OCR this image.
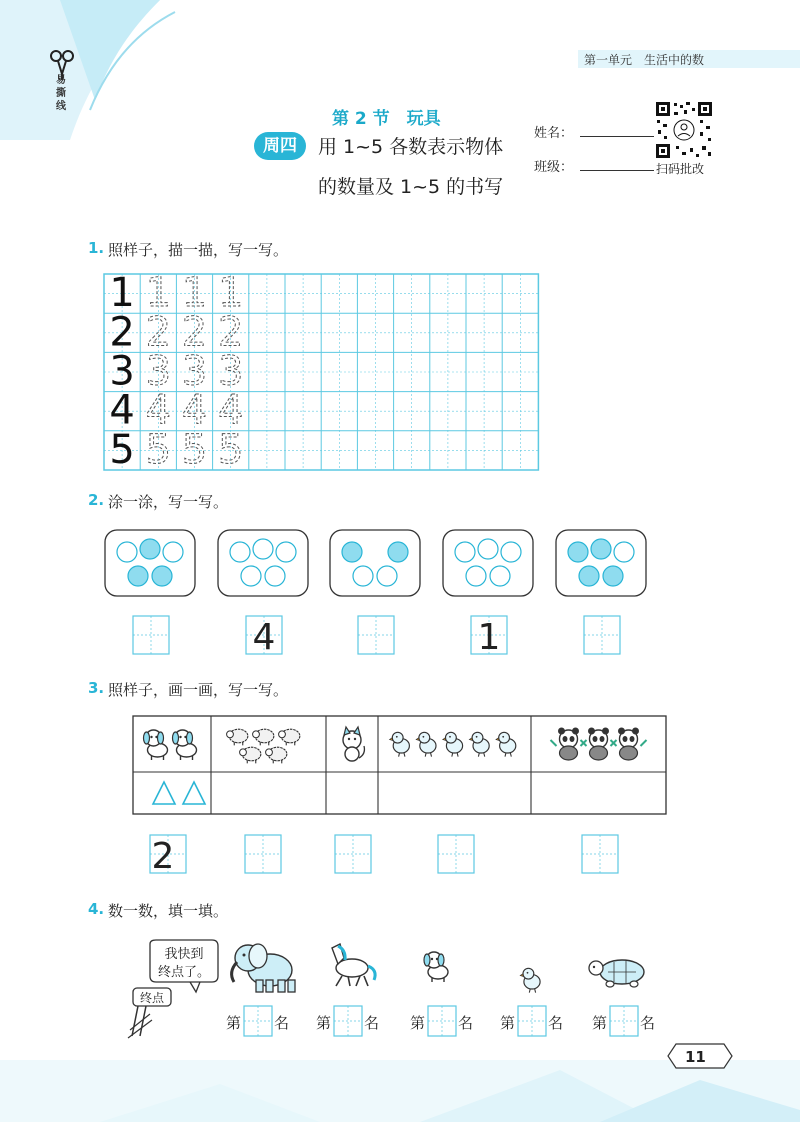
易撕线
第一单元　生活中的数
第 2 节　玩具
周四	用 1~5 各数表示物体
的数量及 1~5 的书写
姓名：
班级：	扫码批改
1. 照样子，描一描，写一写。
1 1 1 1
2 2 2 2
3 3 3 3
4 4 4 4
5 5 5 5
4	1
2
我快到
终点了。
终点
2. 涂一涂，写一写。
3. 照样子，画一画，写一写。
4. 数一数，填一填。
第 名 第 名 第 名 第 名 第 名
11
